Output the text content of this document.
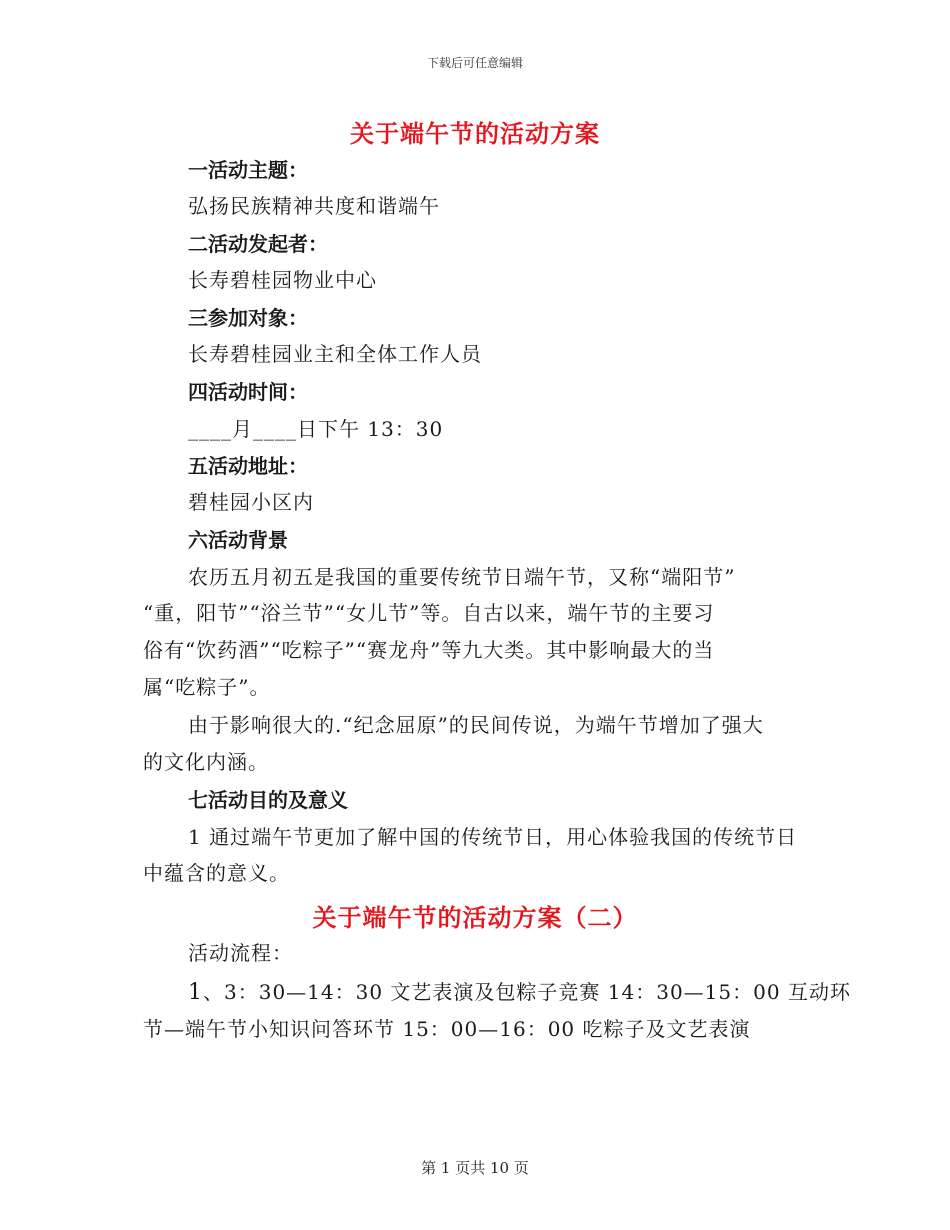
下载后可任意编辑
关于端午节的活动方案
一活动主题：
弘扬民族精神共度和谐端午
二活动发起者：
长寿碧桂园物业中心
三参加对象：
长寿碧桂园业主和全体工作人员
四活动时间：
____月____日下午 13：30
五活动地址：
碧桂园小区内
六活动背景
农历五月初五是我国的重要传统节日端午节，又称“端阳节”
“重，阳节”“浴兰节”“女儿节”等。自古以来，端午节的主要习
俗有“饮药酒”“吃粽子”“赛龙舟”等九大类。其中影响最大的当
属“吃粽子”。
由于影响很大的.“纪念屈原”的民间传说，为端午节增加了强大
的文化内涵。
七活动目的及意义
1 通过端午节更加了解中国的传统节日，用心体验我国的传统节日
中蕴含的意义。
关于端午节的活动方案（二）
活动流程：
1、3：30—14：30 文艺表演及包粽子竞赛 14：30—15：00 互动环
节—端午节小知识问答环节 15：00—16：00 吃粽子及文艺表演
第 1 页共 10 页
